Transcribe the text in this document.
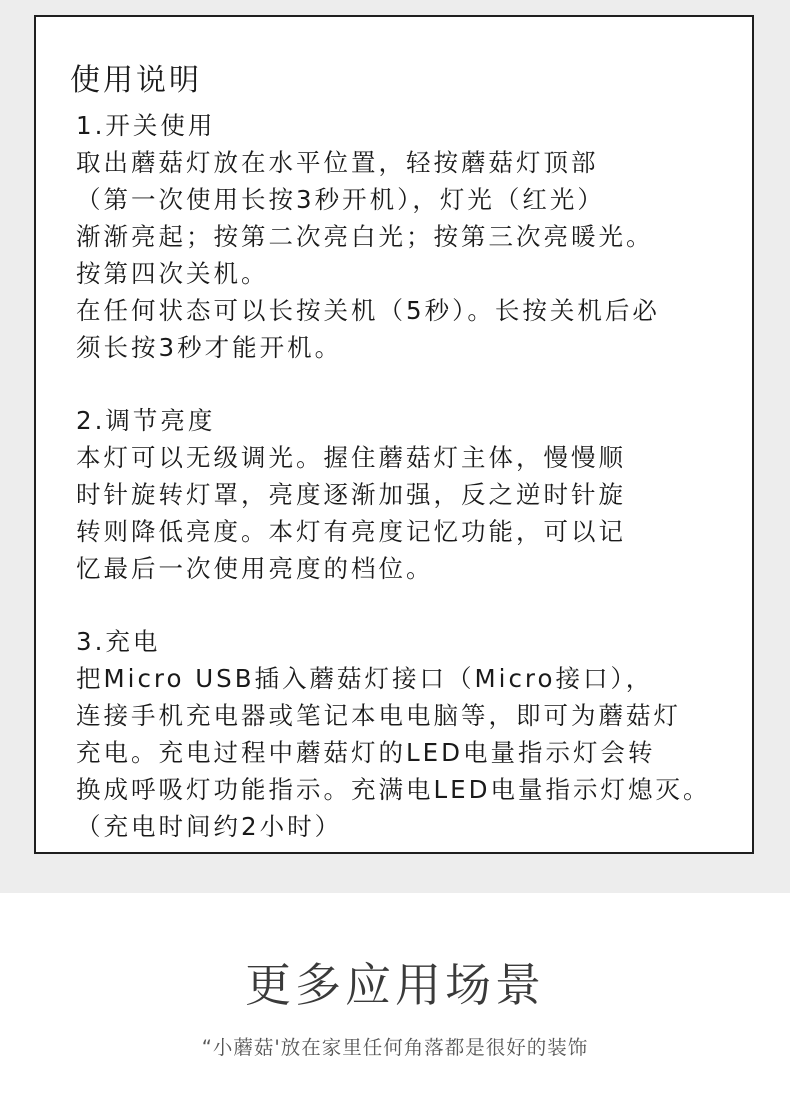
使用说明
1.开关使用
取出蘑菇灯放在水平位置，轻按蘑菇灯顶部
（第一次使用长按3秒开机），灯光（红光）
渐渐亮起；按第二次亮白光；按第三次亮暖光。
按第四次关机。
在任何状态可以长按关机（5秒）。长按关机后必
须长按3秒才能开机。
2.调节亮度
本灯可以无级调光。握住蘑菇灯主体，慢慢顺
时针旋转灯罩，亮度逐渐加强，反之逆时针旋
转则降低亮度。本灯有亮度记忆功能，可以记
忆最后一次使用亮度的档位。
3.充电
把Micro USB插入蘑菇灯接口（Micro接口），
连接手机充电器或笔记本电电脑等，即可为蘑菇灯
充电。充电过程中蘑菇灯的LED电量指示灯会转
换成呼吸灯功能指示。充满电LED电量指示灯熄灭。
（充电时间约2小时）
更多应用场景
“小蘑菇'放在家里任何角落都是很好的装饰
